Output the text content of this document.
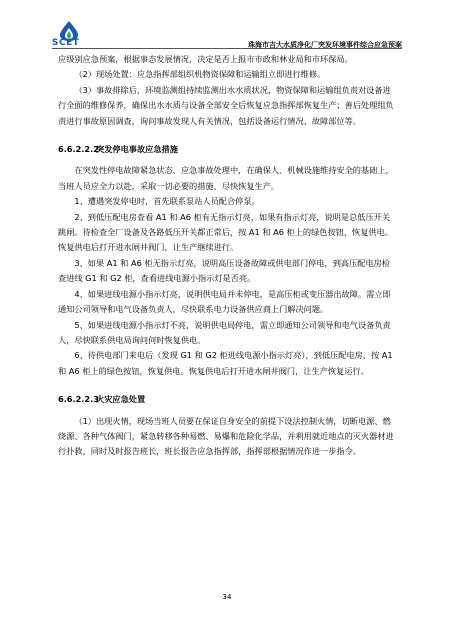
SCET	珠海市吉大水质净化厂突发环境事件综合应急预案

应级别应急预案，根据事态发展情况，决定是否上报市市政和林业局和市环保局。

（2）现场处置：应急指挥部组织机物资保障和运输组立即进行维修。

（3）事故排除后，环境监测组持续监测出水水质状况，物资保障和运输组负责对设备进行全面的维修保养，确保出水水质与设备全部安全后恢复应急指挥部恢复生产；善后处理组负责进行事故原因调查，询问事故发现人有关情况，包括设备运行情况、故障部位等。

6.6.2.2.2突发停电事故应急措施

在突发性停电故障紧急状态、应急事故处理中，在确保人、机械设施维持安全的基础上，当班人员应全力以赴，采取一切必要的措施，尽快恢复生产。

1、遭遇突发停电时，首先联系泵站人员配合停泵。

2、到低压配电房查看 A1 和 A6 柜有无指示灯亮，如果有指示灯亮，说明是总低压开关跳闸。待检查全厂设备及各路低压开关都正常后，按 A1 和 A6 柜上的绿色按钮，恢复供电。恢复供电后打开进水闸井阀门，让生产继续进行。

3、如果 A1 和 A6 柜无指示灯亮，说明高压设备故障或供电部门停电，到高压配电房检查进线 G1 和 G2 柜，查看进线电源小指示灯是否亮。

4、如果进线电源小指示灯亮，说明供电局并未停电，是高压柜或变压器出故障。需立即通知公司领导和电气设备负责人，尽快联系电力设备供应商上门解决问题。

5、如果进线电源小指示灯不亮，说明供电局停电，需立即通知公司领导和电气设备负责人，尽快联系供电局询问何时恢复供电。

6、待供电部门来电后（发现 G1 和 G2 柜进线电源小指示灯亮），到低压配电房，按 A1 和 A6 柜上的绿色按钮，恢复供电。恢复供电后打开进水闸井阀门，让生产恢复运行。

6.6.2.2.3火灾应急处置

（1）出现火情，现场当班人员要在保证自身安全的前提下设法控制火情，切断电源、燃烧源、各种气体阀门，紧急转移各种易燃、易爆和危险化学品，并利用就近地点的灭火器材进行扑救，同时及时报告班长，班长报告应急指挥部，指挥部根据情况作进一步指令。

34
